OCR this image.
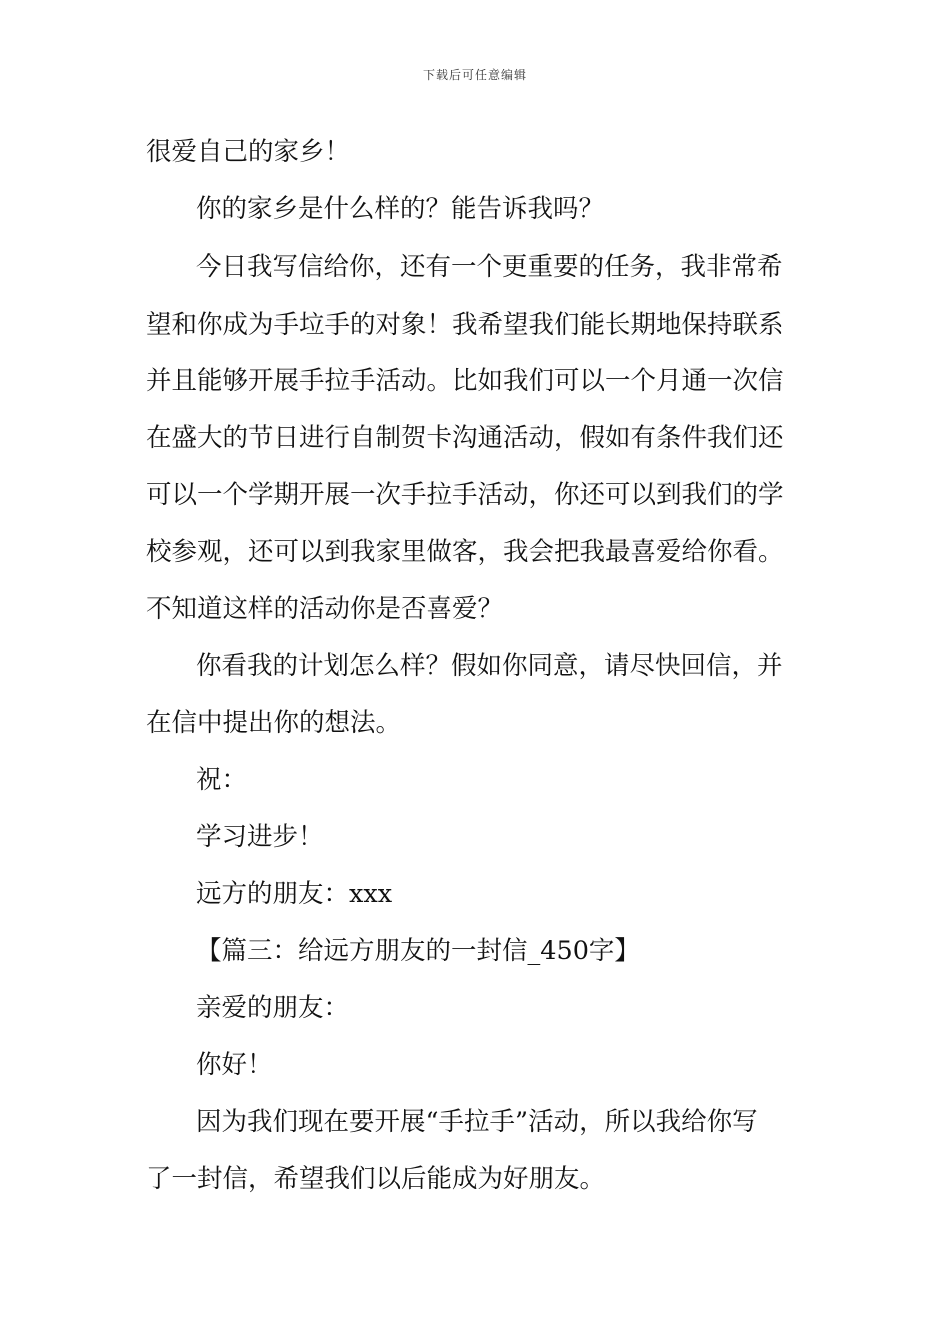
下载后可任意编辑
很爱自己的家乡！
你的家乡是什么样的？能告诉我吗？
今日我写信给你，还有一个更重要的任务，我非常希
望和你成为手垃手的对象！我希望我们能长期地保持联系
并且能够开展手拉手活动。比如我们可以一个月通一次信
在盛大的节日进行自制贺卡沟通活动，假如有条件我们还
可以一个学期开展一次手拉手活动，你还可以到我们的学
校参观，还可以到我家里做客，我会把我最喜爱给你看。
不知道这样的活动你是否喜爱？
你看我的计划怎么样？假如你同意，请尽快回信，并
在信中提出你的想法。
祝：
学习进步！
远方的朋友：xxx
【篇三：给远方朋友的一封信_450字】
亲爱的朋友：
你好！
因为我们现在要开展“手拉手”活动，所以我给你写
了一封信，希望我们以后能成为好朋友。
